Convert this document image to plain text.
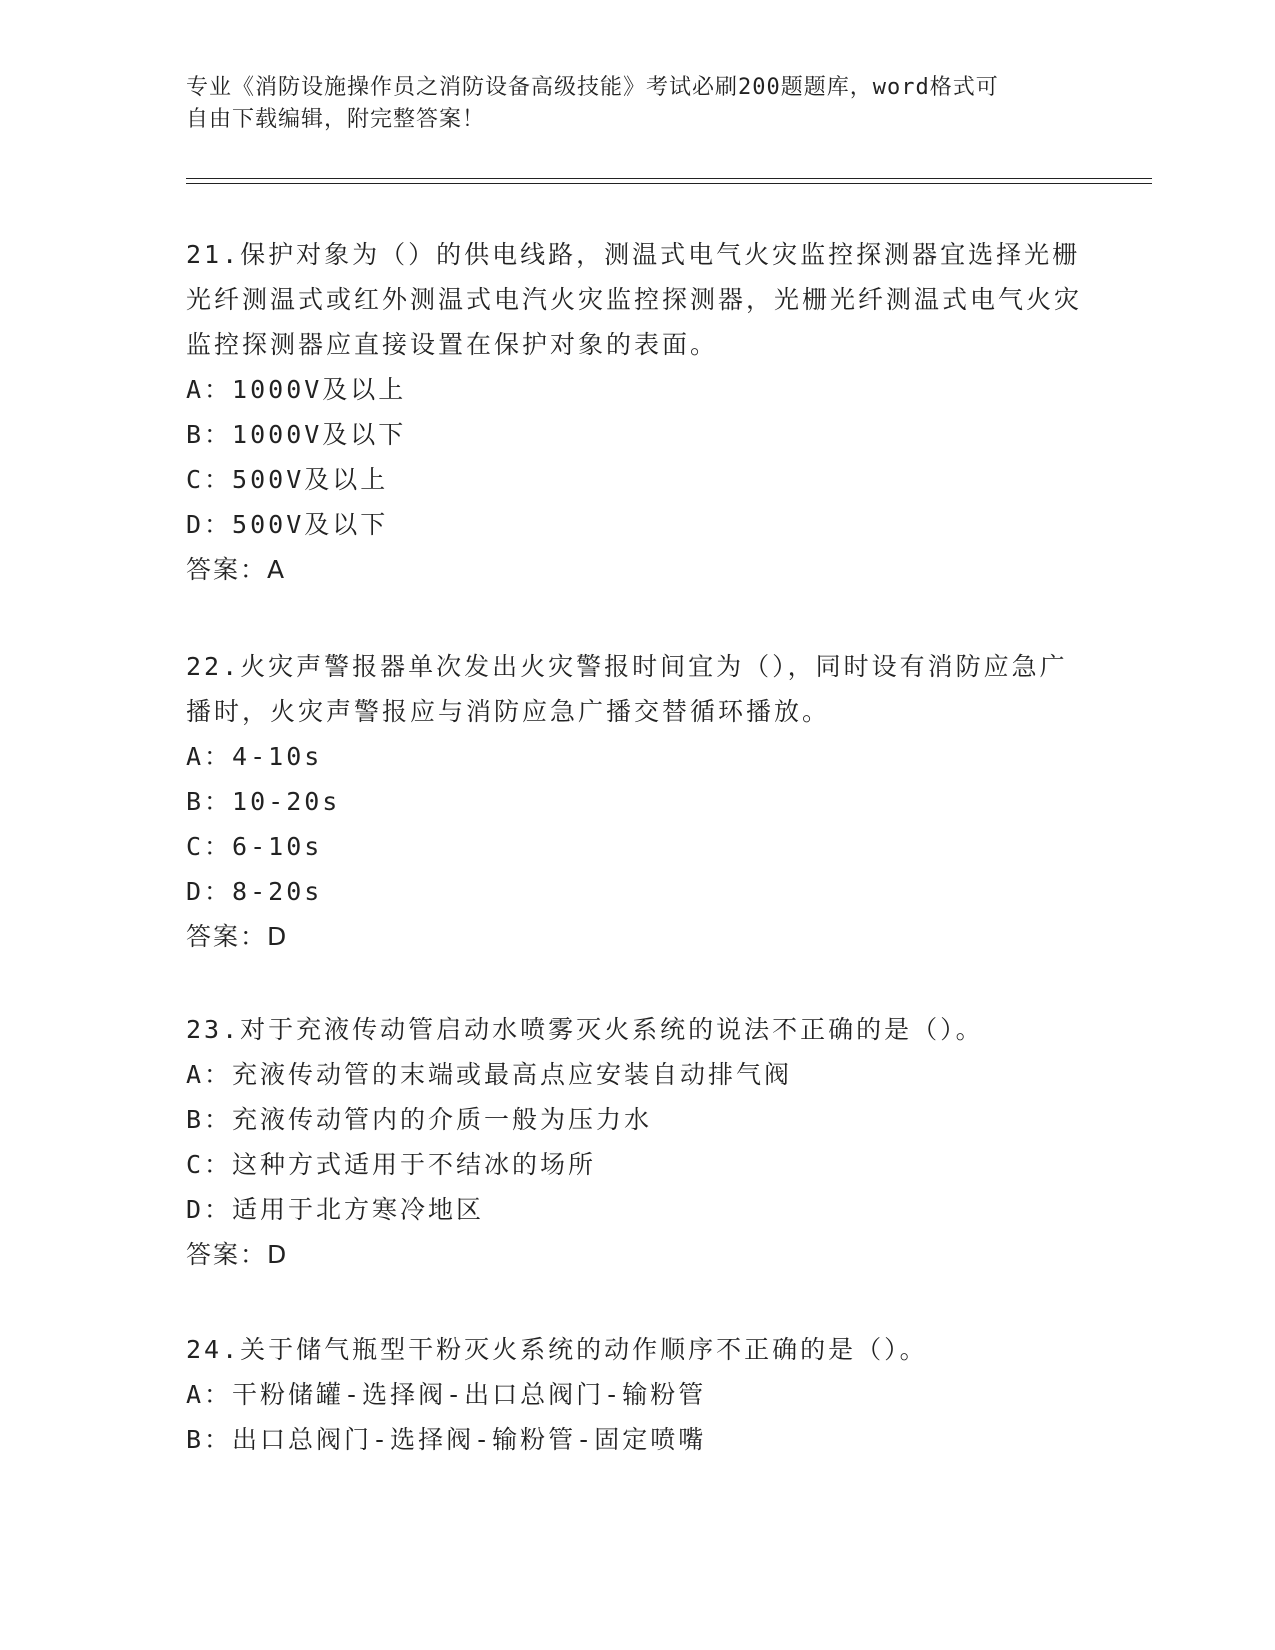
专业《消防设施操作员之消防设备高级技能》考试必刷200题题库，word格式可
自由下载编辑，附完整答案！

21.保护对象为（）的供电线路，测温式电气火灾监控探测器宜选择光栅光纤测温式或红外测温式电汽火灾监控探测器，光栅光纤测温式电气火灾监控探测器应直接设置在保护对象的表面。

A：1000V及以上

B：1000V及以下

C：500V及以上

D：500V及以下

答案：A

22.火灾声警报器单次发出火灾警报时间宜为（），同时设有消防应急广播时，火灾声警报应与消防应急广播交替循环播放。

A：4-10s

B：10-20s

C：6-10s

D：8-20s

答案：D

23.对于充液传动管启动水喷雾灭火系统的说法不正确的是（）。

A：充液传动管的末端或最高点应安装自动排气阀

B：充液传动管内的介质一般为压力水

C：这种方式适用于不结冰的场所

D：适用于北方寒冷地区

答案：D

24.关于储气瓶型干粉灭火系统的动作顺序不正确的是（）。

A：干粉储罐-选择阀-出口总阀门-输粉管

B：出口总阀门-选择阀-输粉管-固定喷嘴
